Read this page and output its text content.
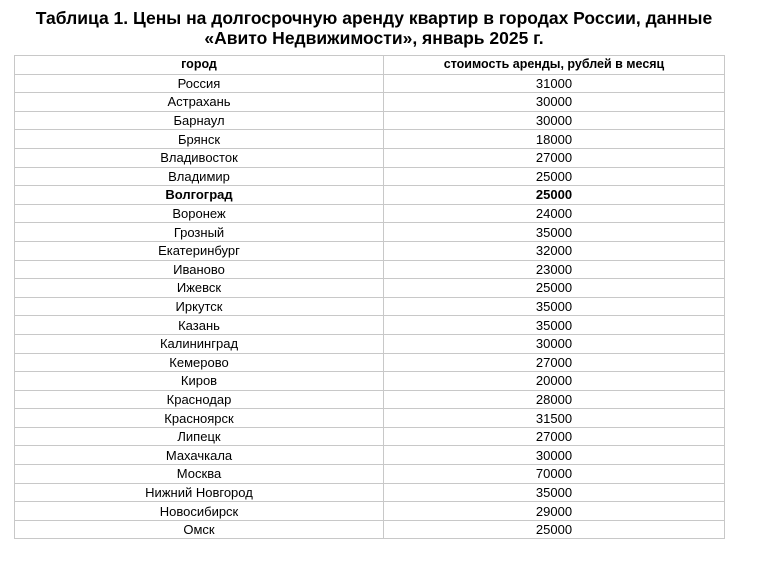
Таблица 1. Цены на долгосрочную аренду квартир в городах России, данные «Авито Недвижимости», январь 2025 г.
город	стоимость аренды, рублей в месяц
Россия	31000
Астрахань	30000
Барнаул	30000
Брянск	18000
Владивосток	27000
Владимир	25000
Волгоград	25000
Воронеж	24000
Грозный	35000
Екатеринбург	32000
Иваново	23000
Ижевск	25000
Иркутск	35000
Казань	35000
Калининград	30000
Кемерово	27000
Киров	20000
Краснодар	28000
Красноярск	31500
Липецк	27000
Махачкала	30000
Москва	70000
Нижний Новгород	35000
Новосибирск	29000
Омск	25000
